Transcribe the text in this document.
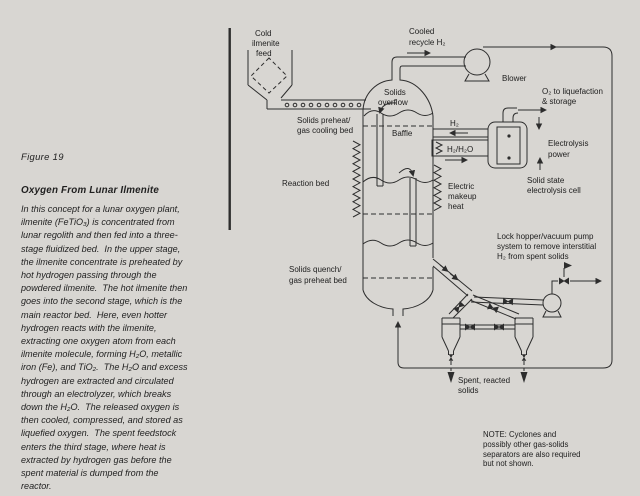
Figure 19
Oxygen From Lunar Ilmenite
In this concept for a lunar oxygen plant,
ilmenite (FeTiO₃) is concentrated from
lunar regolith and then fed into a three-
stage fluidized bed.  In the upper stage,
the ilmenite concentrate is preheated by
hot hydrogen passing through the
powdered ilmenite.  The hot ilmenite then
goes into the second stage, which is the
main reactor bed.  Here, even hotter
hydrogen reacts with the ilmenite,
extracting one oxygen atom from each
ilmenite molecule, forming H₂O, metallic
iron (Fe), and TiO₂.  The H₂O and excess
hydrogen are extracted and circulated
through an electrolyzer, which breaks
down the H₂O.  The released oxygen is
then cooled, compressed, and stored as
liquefied oxygen.  The spent feedstock
enters the third stage, where heat is
extracted by hydrogen gas before the
spent material is dumped from the
reactor.
Cold
ilmenite
feed
Cooled
recycle H₂
Blower
Solids
overflow
Solids preheat/
gas cooling bed	Baffle
H₂
H₂/H₂O
O₂ to liquefaction
& storage
Electrolysis
power
Solid state
electrolysis cell
Reaction bed	Electric
makeup
heat
Solids quench/
gas preheat bed
Lock hopper/vacuum pump
system to remove interstitial
H₂ from spent solids
Spent, reacted
solids
NOTE: Cyclones and
possibly other gas-solids
separators are also required
but not shown.
